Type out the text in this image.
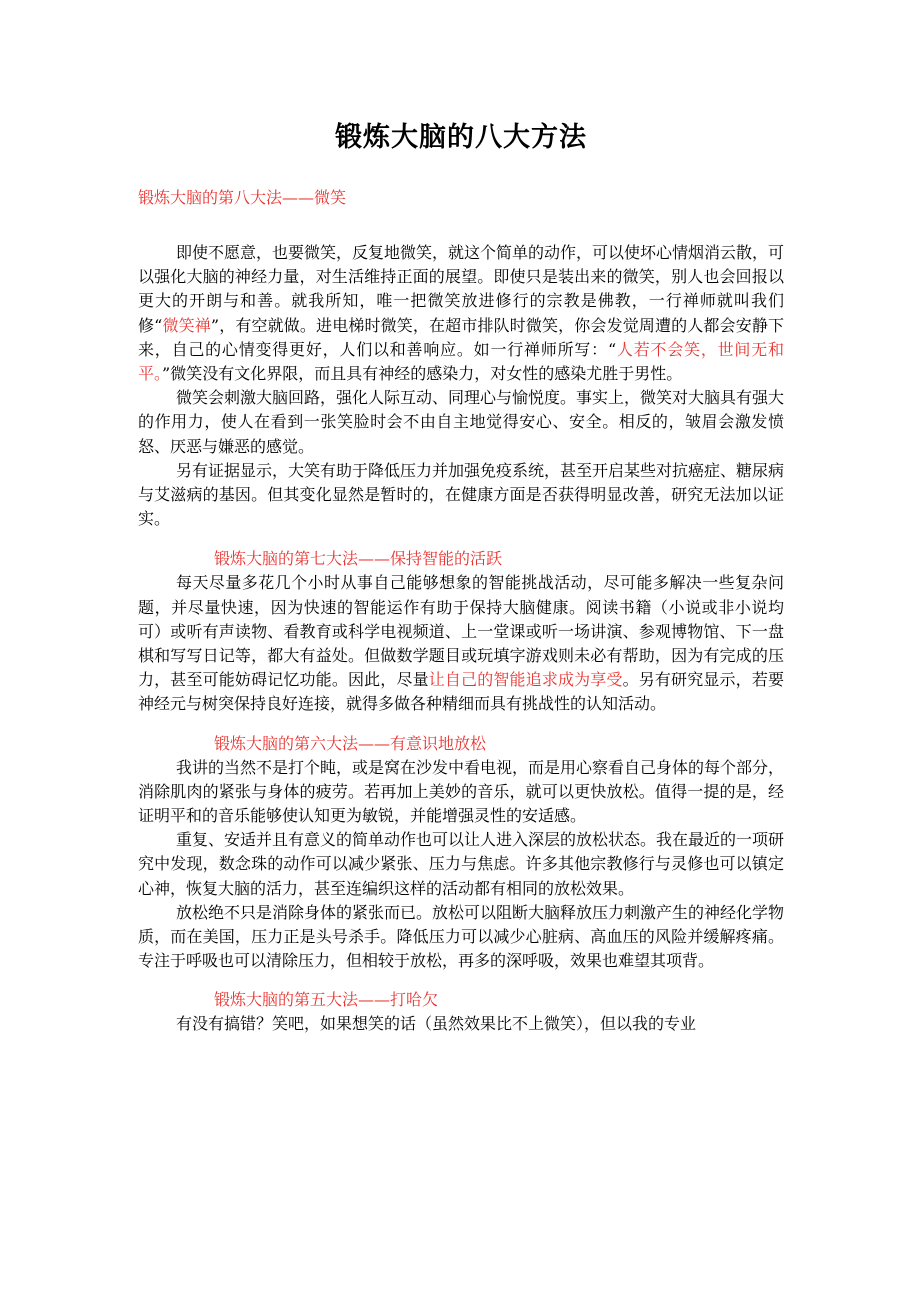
锻炼大脑的八大方法

锻炼大脑的第八大法——微笑

即使不愿意，也要微笑，反复地微笑，就这个简单的动作，可以使坏心情烟消云散，可以强化大脑的神经力量，对生活维持正面的展望。即使只是装出来的微笑，别人也会回报以更大的开朗与和善。就我所知，唯一把微笑放进修行的宗教是佛教，一行禅师就叫我们修“微笑禅”，有空就做。进电梯时微笑，在超市排队时微笑，你会发觉周遭的人都会安静下来，自己的心情变得更好，人们以和善响应。如一行禅师所写：“人若不会笑，世间无和平。”微笑没有文化界限，而且具有神经的感染力，对女性的感染尤胜于男性。

微笑会刺激大脑回路，强化人际互动、同理心与愉悦度。事实上，微笑对大脑具有强大的作用力，使人在看到一张笑脸时会不由自主地觉得安心、安全。相反的，皱眉会激发愤怒、厌恶与嫌恶的感觉。

另有证据显示，大笑有助于降低压力并加强免疫系统，甚至开启某些对抗癌症、糖尿病与艾滋病的基因。但其变化显然是暂时的，在健康方面是否获得明显改善，研究无法加以证实。

锻炼大脑的第七大法——保持智能的活跃

每天尽量多花几个小时从事自己能够想象的智能挑战活动，尽可能多解决一些复杂问题，并尽量快速，因为快速的智能运作有助于保持大脑健康。阅读书籍（小说或非小说均可）或听有声读物、看教育或科学电视频道、上一堂课或听一场讲演、参观博物馆、下一盘棋和写写日记等，都大有益处。但做数学题目或玩填字游戏则未必有帮助，因为有完成的压力，甚至可能妨碍记忆功能。因此，尽量让自己的智能追求成为享受。另有研究显示，若要神经元与树突保持良好连接，就得多做各种精细而具有挑战性的认知活动。

锻炼大脑的第六大法——有意识地放松

我讲的当然不是打个盹，或是窝在沙发中看电视，而是用心察看自己身体的每个部分，消除肌肉的紧张与身体的疲劳。若再加上美妙的音乐，就可以更快放松。值得一提的是，经证明平和的音乐能够使认知更为敏锐，并能增强灵性的安适感。

重复、安适并且有意义的简单动作也可以让人进入深层的放松状态。我在最近的一项研究中发现，数念珠的动作可以减少紧张、压力与焦虑。许多其他宗教修行与灵修也可以镇定心神，恢复大脑的活力，甚至连编织这样的活动都有相同的放松效果。

放松绝不只是消除身体的紧张而已。放松可以阻断大脑释放压力刺激产生的神经化学物质，而在美国，压力正是头号杀手。降低压力可以减少心脏病、高血压的风险并缓解疼痛。专注于呼吸也可以清除压力，但相较于放松，再多的深呼吸，效果也难望其项背。

锻炼大脑的第五大法——打哈欠

有没有搞错？笑吧，如果想笑的话（虽然效果比不上微笑），但以我的专业
